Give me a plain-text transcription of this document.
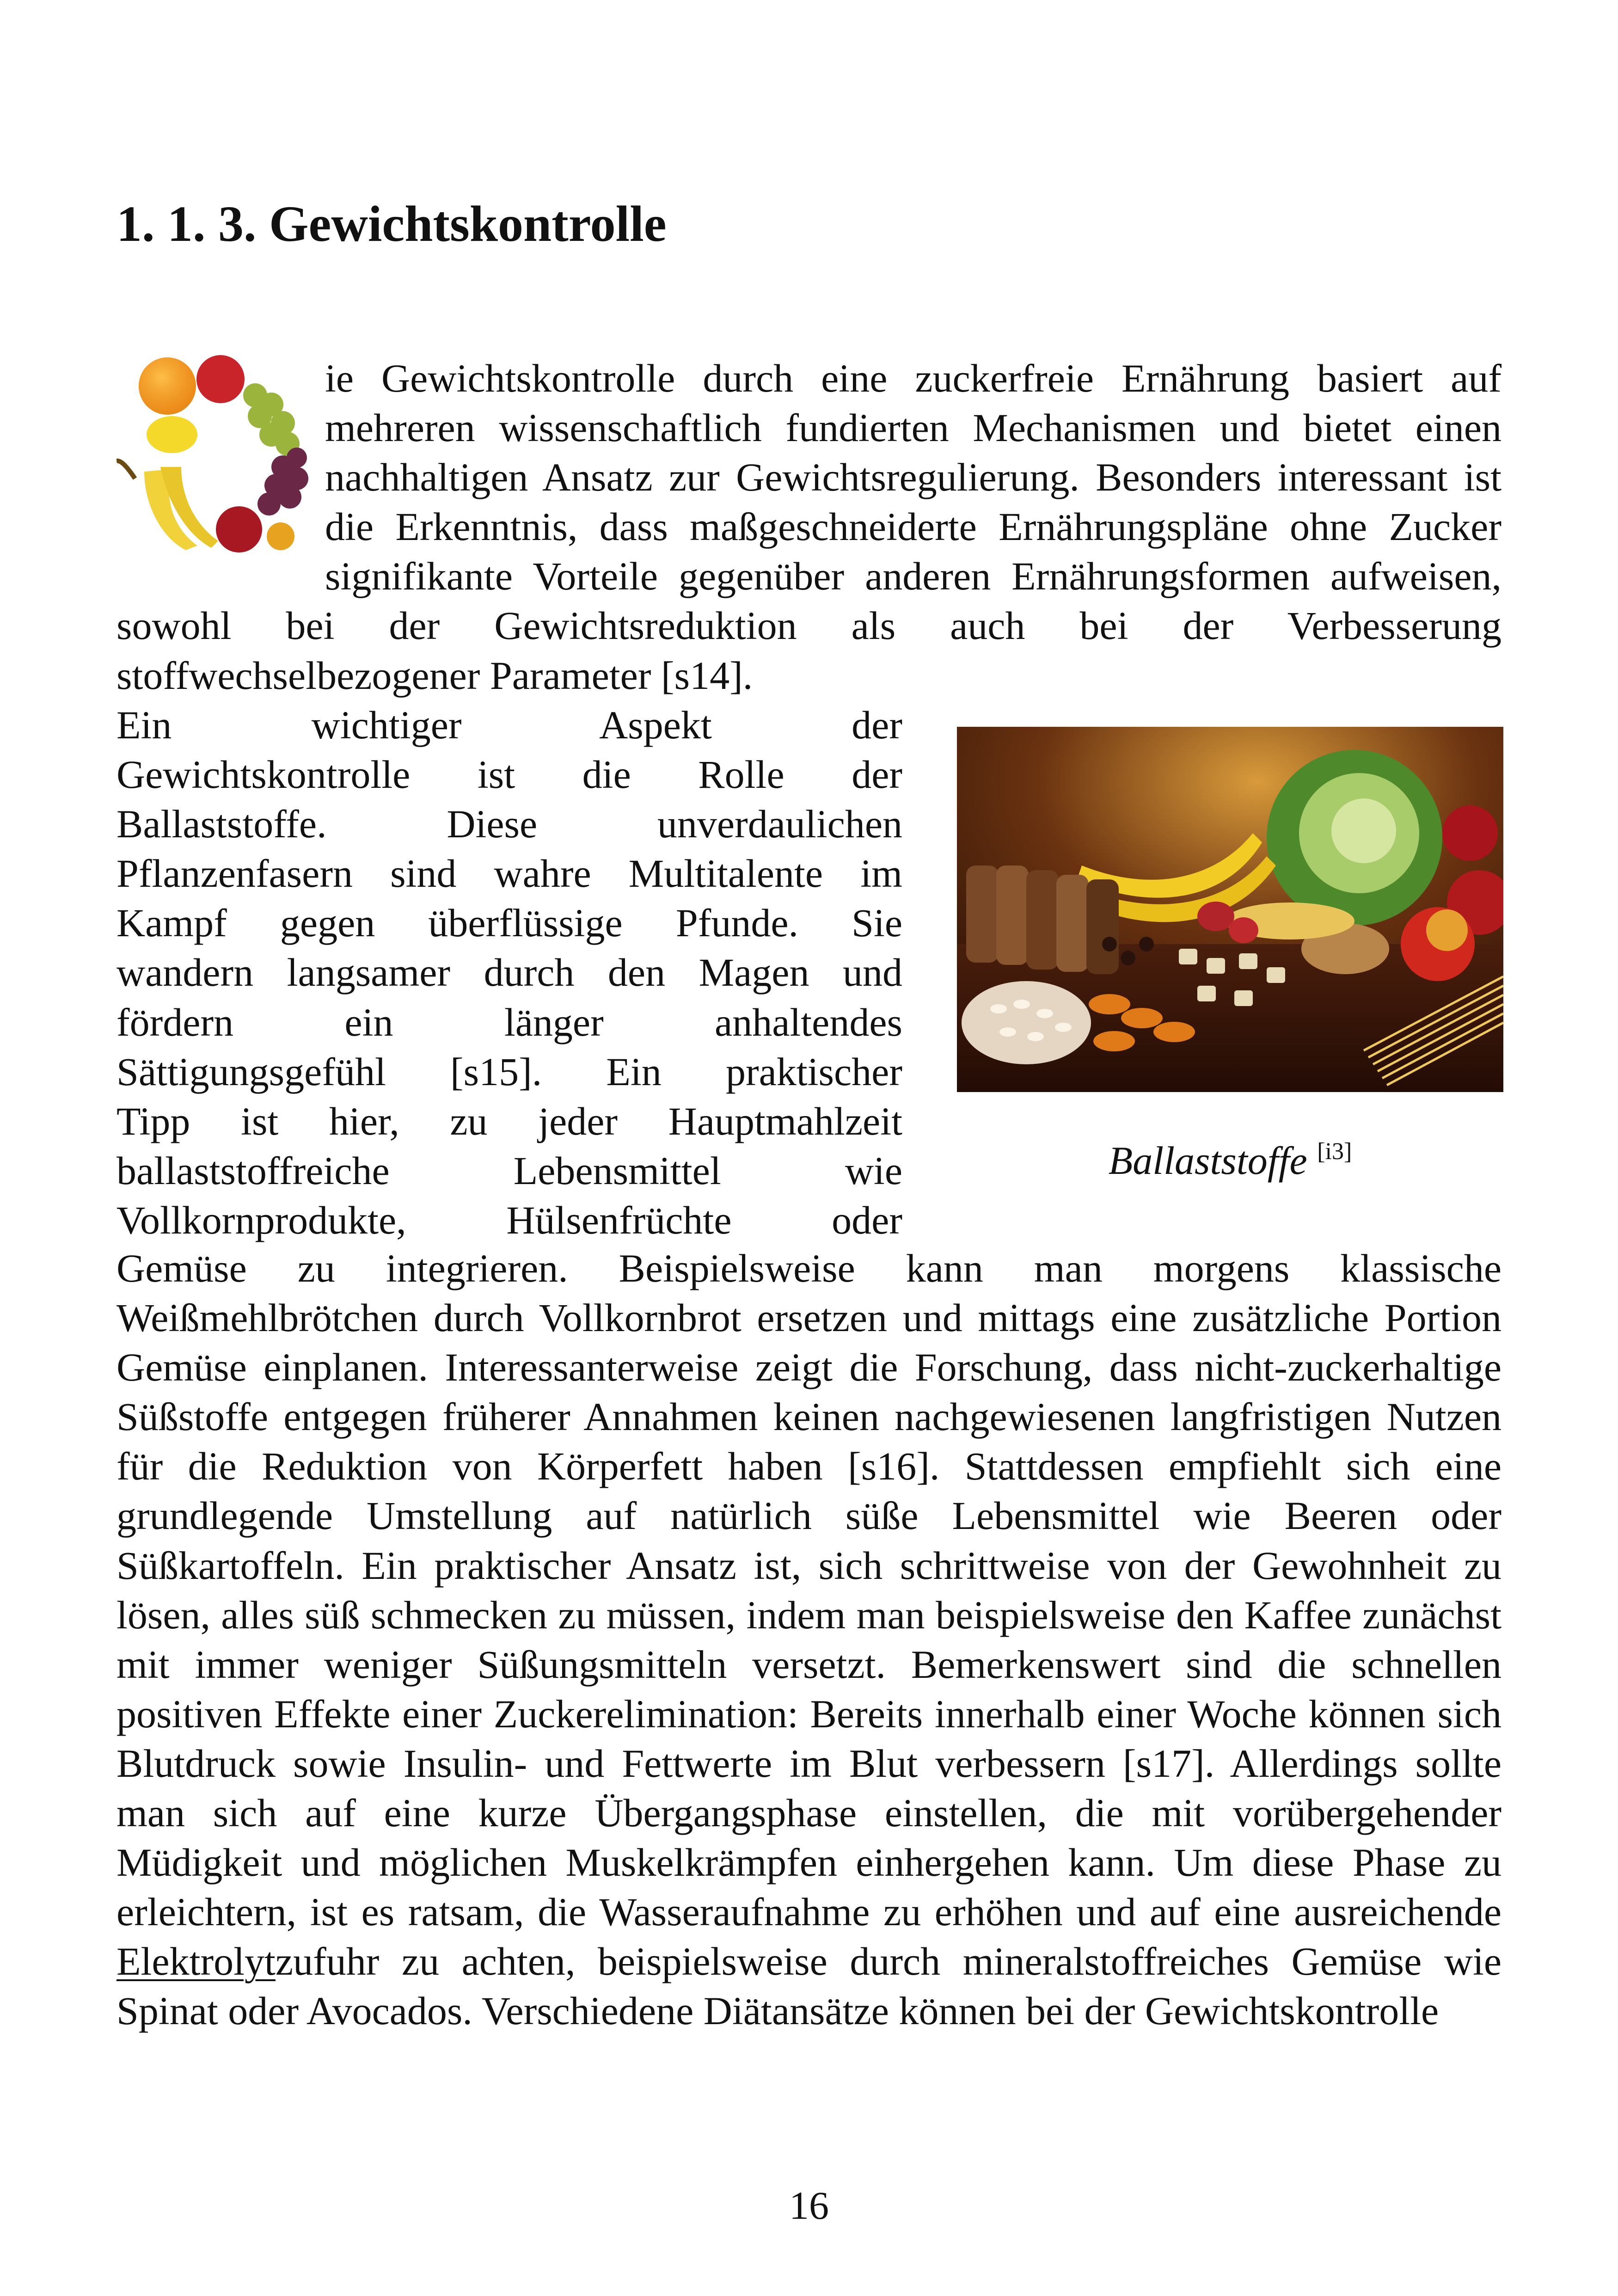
1. 1. 3. Gewichtskontrolle

ie Gewichtskontrolle durch eine zuckerfreie Ernährung basiert auf mehreren wissenschaftlich fundierten Mechanismen und bietet einen nachhaltigen Ansatz zur Gewichtsregulierung. Besonders interessant ist die Erkenntnis, dass maßgeschneiderte Ernährungspläne ohne Zucker signifikante Vorteile gegenüber anderen Ernährungsformen aufweisen, sowohl bei der Gewichtsreduktion als auch bei der Verbesserung stoffwechselbezogener Parameter [s14].

Ein wichtiger Aspekt der
Gewichtskontrolle ist die Rolle der
Ballaststoffe. Diese unverdaulichen
Pflanzenfasern sind wahre Multitalente im
Kampf gegen überflüssige Pfunde. Sie
wandern langsamer durch den Magen und
fördern ein länger anhaltendes
Sättigungsgefühl [s15]. Ein praktischer
Tipp ist hier, zu jeder Hauptmahlzeit
ballaststoffreiche Lebensmittel wie
Vollkornprodukte, Hülsenfrüchte oder
Ballaststoffe [i3]

Gemüse zu integrieren. Beispielsweise kann man morgens klassische Weißmehlbrötchen durch Vollkornbrot ersetzen und mittags eine zusätzliche Portion Gemüse einplanen. Interessanterweise zeigt die Forschung, dass nicht-zuckerhaltige Süßstoffe entgegen früherer Annahmen keinen nachgewiesenen langfristigen Nutzen für die Reduktion von Körperfett haben [s16]. Stattdessen empfiehlt sich eine grundlegende Umstellung auf natürlich süße Lebensmittel wie Beeren oder Süßkartoffeln. Ein praktischer Ansatz ist, sich schrittweise von der Gewohnheit zu lösen, alles süß schmecken zu müssen, indem man beispielsweise den Kaffee zunächst mit immer weniger Süßungsmitteln versetzt. Bemerkenswert sind die schnellen positiven Effekte einer Zuckerelimination: Bereits innerhalb einer Woche können sich Blutdruck sowie Insulin- und Fettwerte im Blut verbessern [s17]. Allerdings sollte man sich auf eine kurze Übergangsphase einstellen, die mit vorübergehender Müdigkeit und möglichen Muskelkrämpfen einhergehen kann. Um diese Phase zu erleichtern, ist es ratsam, die Wasseraufnahme zu erhöhen und auf eine ausreichende Elektrolytzufuhr zu achten, beispielsweise durch mineralstoffreiches Gemüse wie Spinat oder Avocados. Verschiedene Diätansätze können bei der Gewichtskontrolle

16
